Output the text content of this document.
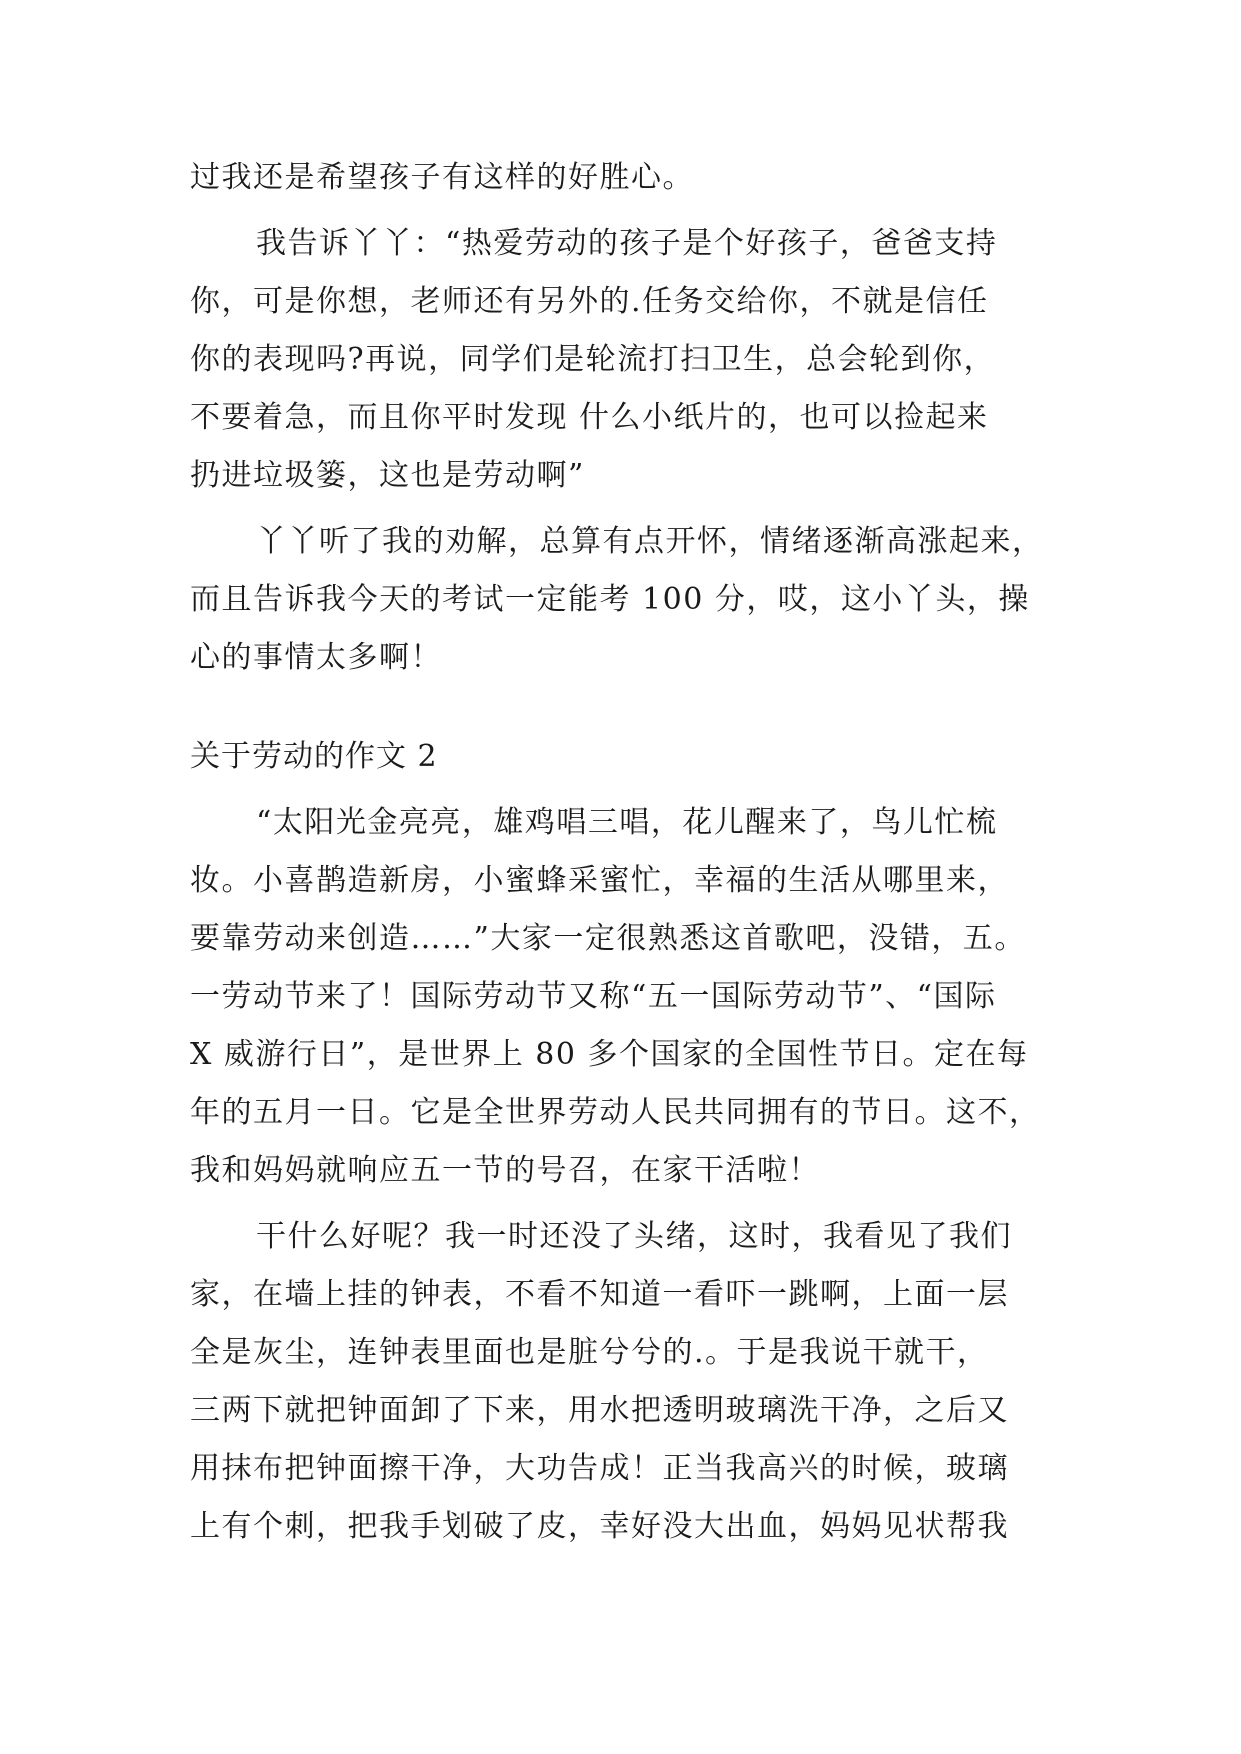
过我还是希望孩子有这样的好胜心。
我告诉丫丫：“热爱劳动的孩子是个好孩子，爸爸支持
你，可是你想，老师还有另外的.任务交给你，不就是信任
你的表现吗?再说，同学们是轮流打扫卫生，总会轮到你，
不要着急，而且你平时发现 什么小纸片的，也可以捡起来
扔进垃圾篓，这也是劳动啊”
丫丫听了我的劝解，总算有点开怀，情绪逐渐高涨起来，
而且告诉我今天的考试一定能考 100 分，哎，这小丫头，操
心的事情太多啊！
关于劳动的作文 2
“太阳光金亮亮，雄鸡唱三唱，花儿醒来了，鸟儿忙梳
妆。小喜鹊造新房，小蜜蜂采蜜忙，幸福的生活从哪里来，
要靠劳动来创造……”大家一定很熟悉这首歌吧，没错，五。
一劳动节来了！国际劳动节又称“五一国际劳动节”、“国际
X 威游行日”，是世界上 80 多个国家的全国性节日。定在每
年的五月一日。它是全世界劳动人民共同拥有的节日。这不，
我和妈妈就响应五一节的号召，在家干活啦！
干什么好呢？我一时还没了头绪，这时，我看见了我们
家，在墙上挂的钟表，不看不知道一看吓一跳啊，上面一层
全是灰尘，连钟表里面也是脏兮兮的.。于是我说干就干，
三两下就把钟面卸了下来，用水把透明玻璃洗干净，之后又
用抹布把钟面擦干净，大功告成！正当我高兴的时候，玻璃
上有个刺，把我手划破了皮，幸好没大出血，妈妈见状帮我
